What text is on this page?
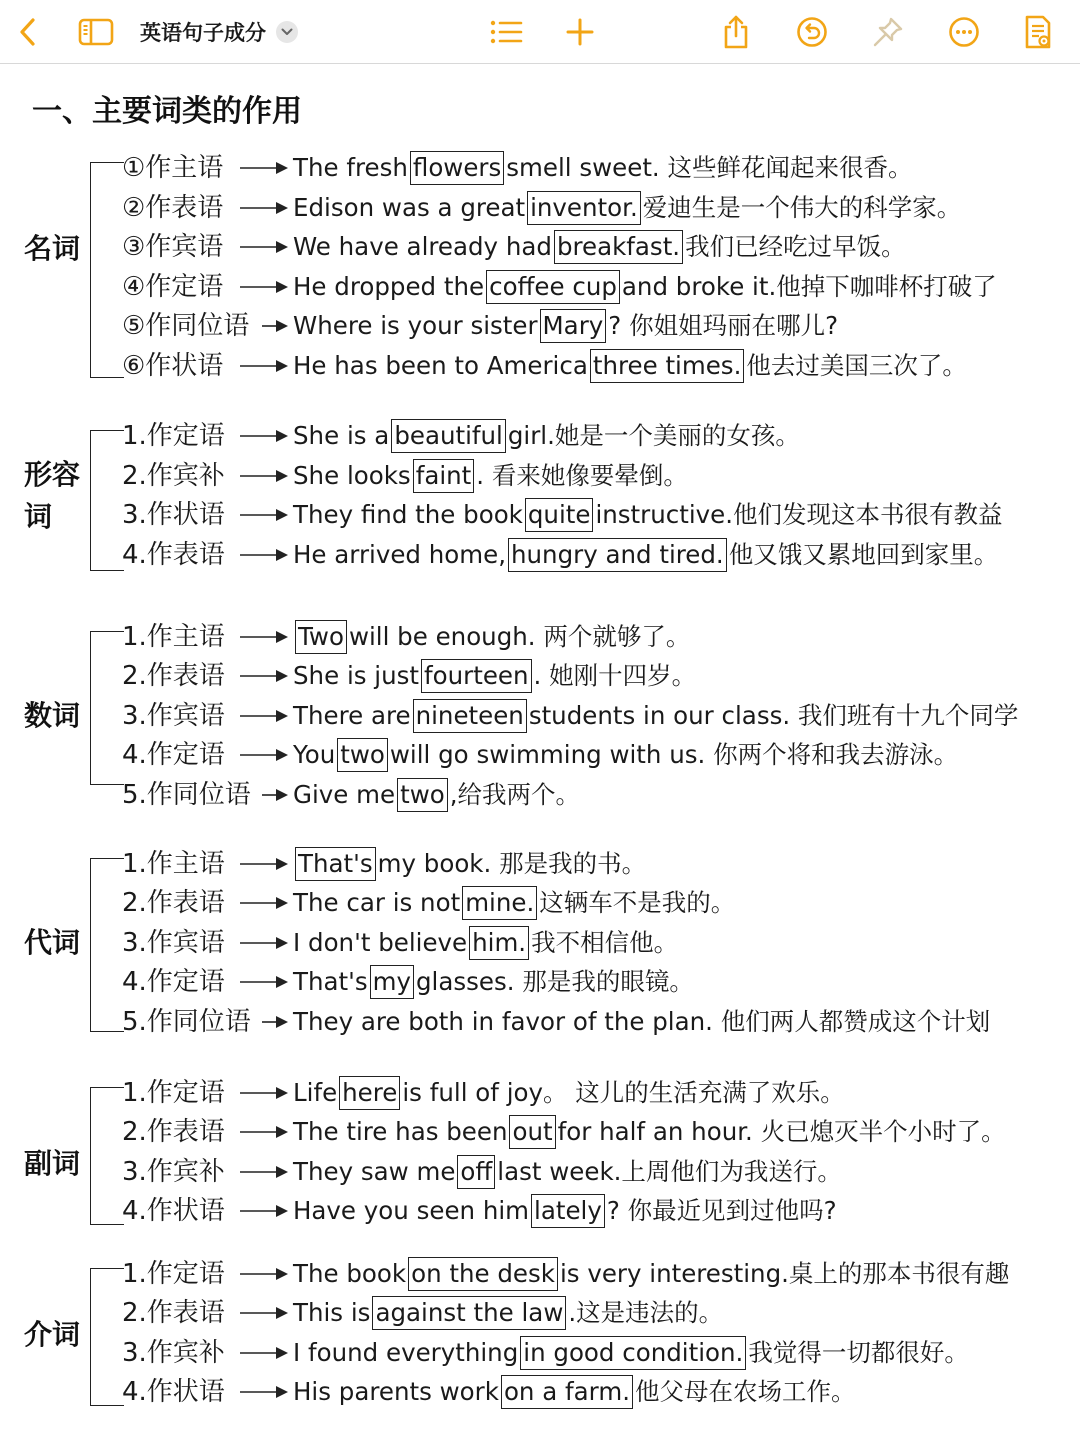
英语句子成分
一、主要词类的作用
名词
①作主语	The fresh flowers smell sweet. 这些鲜花闻起来很香。
②作表语	Edison was a great inventor. 爱迪生是一个伟大的科学家。
③作宾语	We have already had breakfast. 我们已经吃过早饭。
④作定语	He dropped the coffee cup and broke it.他掉下咖啡杯打破了
⑤作同位语 Where is your sister Mary ? 你姐姐玛丽在哪儿?
⑥作状语	He has been to America three times. 他去过美国三次了。
形容
词
1.作定语	She is a beautiful girl.她是一个美丽的女孩。
2.作宾补	She looks faint . 看来她像要晕倒。
3.作状语	They find the book quite instructive.他们发现这本书很有教益
4.作表语	He arrived home, hungry and tired. 他又饿又累地回到家里。
数词
1.作主语	Two will be enough. 两个就够了。
2.作表语	She is just fourteen . 她刚十四岁。
3.作宾语	There are nineteen students in our class. 我们班有十九个同学
4.作定语	You two will go swimming with us. 你两个将和我去游泳。
5.作同位语 Give me two ,给我两个。
代词
1.作主语	That's my book. 那是我的书。
2.作表语	The car is not mine. 这辆车不是我的。
3.作宾语	I don't believe him. 我不相信他。
4.作定语	That's my glasses. 那是我的眼镜。
5.作同位语 They are both in favor of the plan. 他们两人都赞成这个计划
副词
1.作定语	Life here is full of joy。 这儿的生活充满了欢乐。
2.作表语	The tire has been out for half an hour. 火已熄灭半个小时了。
3.作宾补	They saw me off last week.上周他们为我送行。
4.作状语	Have you seen him lately ? 你最近见到过他吗?
介词
1.作定语	The book on the desk is very interesting.桌上的那本书很有趣
2.作表语	This is against the law .这是违法的。
3.作宾补	I found everything in good condition. 我觉得一切都很好。
4.作状语	His parents work on a farm. 他父母在农场工作。
